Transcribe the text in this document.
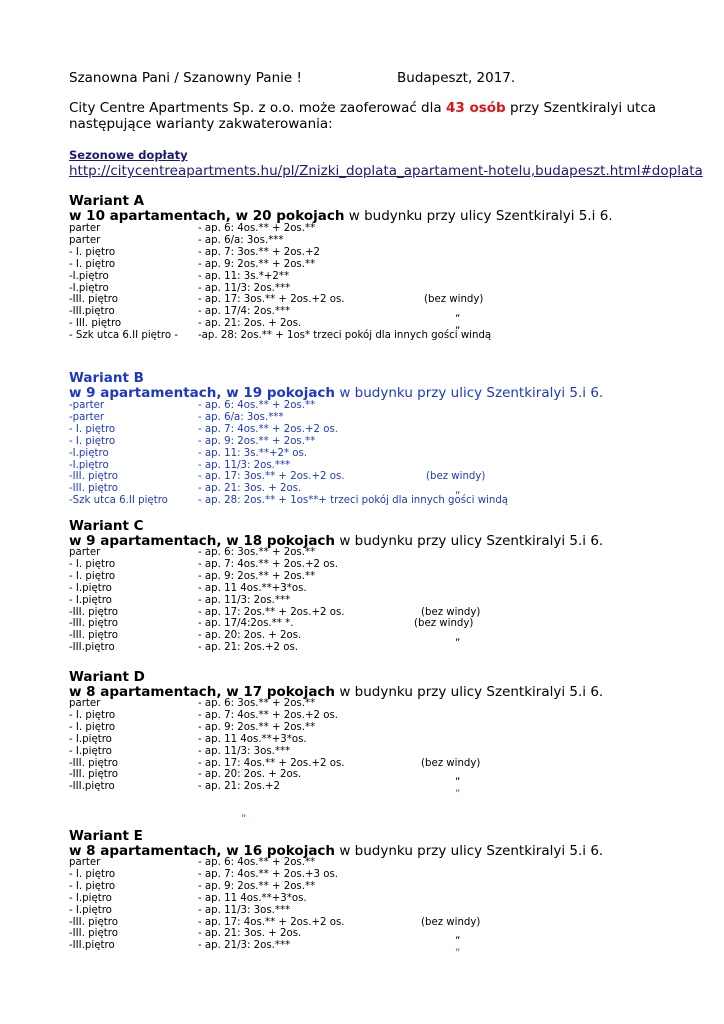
Szanowna Pani / Szanowny Panie !	Budapeszt, 2017.
City Centre Apartments Sp. z o.o. może zaoferować dla 43 osób przy Szentkiralyi utca
następujące warianty zakwaterowania:
Sezonowe dopłaty
http://citycentreapartments.hu/pl/Znizki_doplata_apartament-hotelu,budapeszt.html#doplata
Wariant A
w 10 apartamentach, w 20 pokojach w budynku przy ulicy Szentkiralyi 5.i 6.
parter	- ap. 6: 4os.** + 2os.**
parter	- ap. 6/a: 3os.***
- I. piętro	- ap. 7: 3os.** + 2os.+2
- I. piętro	- ap. 9: 2os.** + 2os.**
-I.piętro	- ap. 11: 3s.*+2**
-I.piętro	- ap. 11/3: 2os.***
-III. piętro	- ap. 17: 3os.** + 2os.+2 os.	(bez windy)
-III.piętro	- ap. 17/4: 2os.***	„
- III. piętro	- ap. 21: 2os. + 2os.	„
- Szk utca 6.II piętro - -ap. 28: 2os.** + 1os* trzeci pokój dla innych gości windą
Wariant B
w 9 apartamentach, w 19 pokojach w budynku przy ulicy Szentkiralyi 5.i 6.
-parter	- ap. 6: 4os.** + 2os.**
-parter	- ap. 6/a: 3os.***
- I. piętro	- ap. 7: 4os.** + 2os.+2 os.
- I. piętro	- ap. 9: 2os.** + 2os.**
-I.piętro	- ap. 11: 3s.**+2* os.
-I.piętro	- ap. 11/3: 2os.***
-III. piętro	- ap. 17: 3os.** + 2os.+2 os.	(bez windy)
-III. piętro	- ap. 21: 3os. + 2os.	„
-Szk utca 6.II piętro	- ap. 28: 2os.** + 1os**+ trzeci pokój dla innych gości windą
Wariant C
w 9 apartamentach, w 18 pokojach w budynku przy ulicy Szentkiralyi 5.i 6.
parter	- ap. 6: 3os.** + 2os.**
- I. piętro	- ap. 7: 4os.** + 2os.+2 os.
- I. piętro	- ap. 9: 2os.** + 2os.**
- I.piętro	- ap. 11 4os.**+3*os.
- I.piętro	- ap. 11/3: 2os.***
-III. piętro	- ap. 17: 2os.** + 2os.+2 os.	(bez windy)
-III. piętro	- ap. 17/4:2os.** *.	(bez windy)
-III. piętro	- ap. 20: 2os. + 2os.	„
-III.piętro	- ap. 21: 2os.+2 os.
Wariant D
w 8 apartamentach, w 17 pokojach w budynku przy ulicy Szentkiralyi 5.i 6.
parter	- ap. 6: 3os.** + 2os.**
- I. piętro	- ap. 7: 4os.** + 2os.+2 os.
- I. piętro	- ap. 9: 2os.** + 2os.**
- I.piętro	- ap. 11 4os.**+3*os.
- I.piętro	- ap. 11/3: 3os.***
-III. piętro	- ap. 17: 4os.** + 2os.+2 os.	(bez windy)
-III. piętro	- ap. 20: 2os. + 2os.	„
-III.piętro	- ap. 21: 2os.+2	„
„
Wariant E
w 8 apartamentach, w 16 pokojach w budynku przy ulicy Szentkiralyi 5.i 6.
parter	- ap. 6: 4os.** + 2os.**
- I. piętro	- ap. 7: 4os.** + 2os.+3 os.
- I. piętro	- ap. 9: 2os.** + 2os.**
- I.piętro	- ap. 11 4os.**+3*os.
- I.piętro	- ap. 11/3: 3os.***
-III. piętro	- ap. 17: 4os.** + 2os.+2 os.	(bez windy)
-III. piętro	- ap. 21: 3os. + 2os.	„
-III.piętro	- ap. 21/3: 2os.***	„
